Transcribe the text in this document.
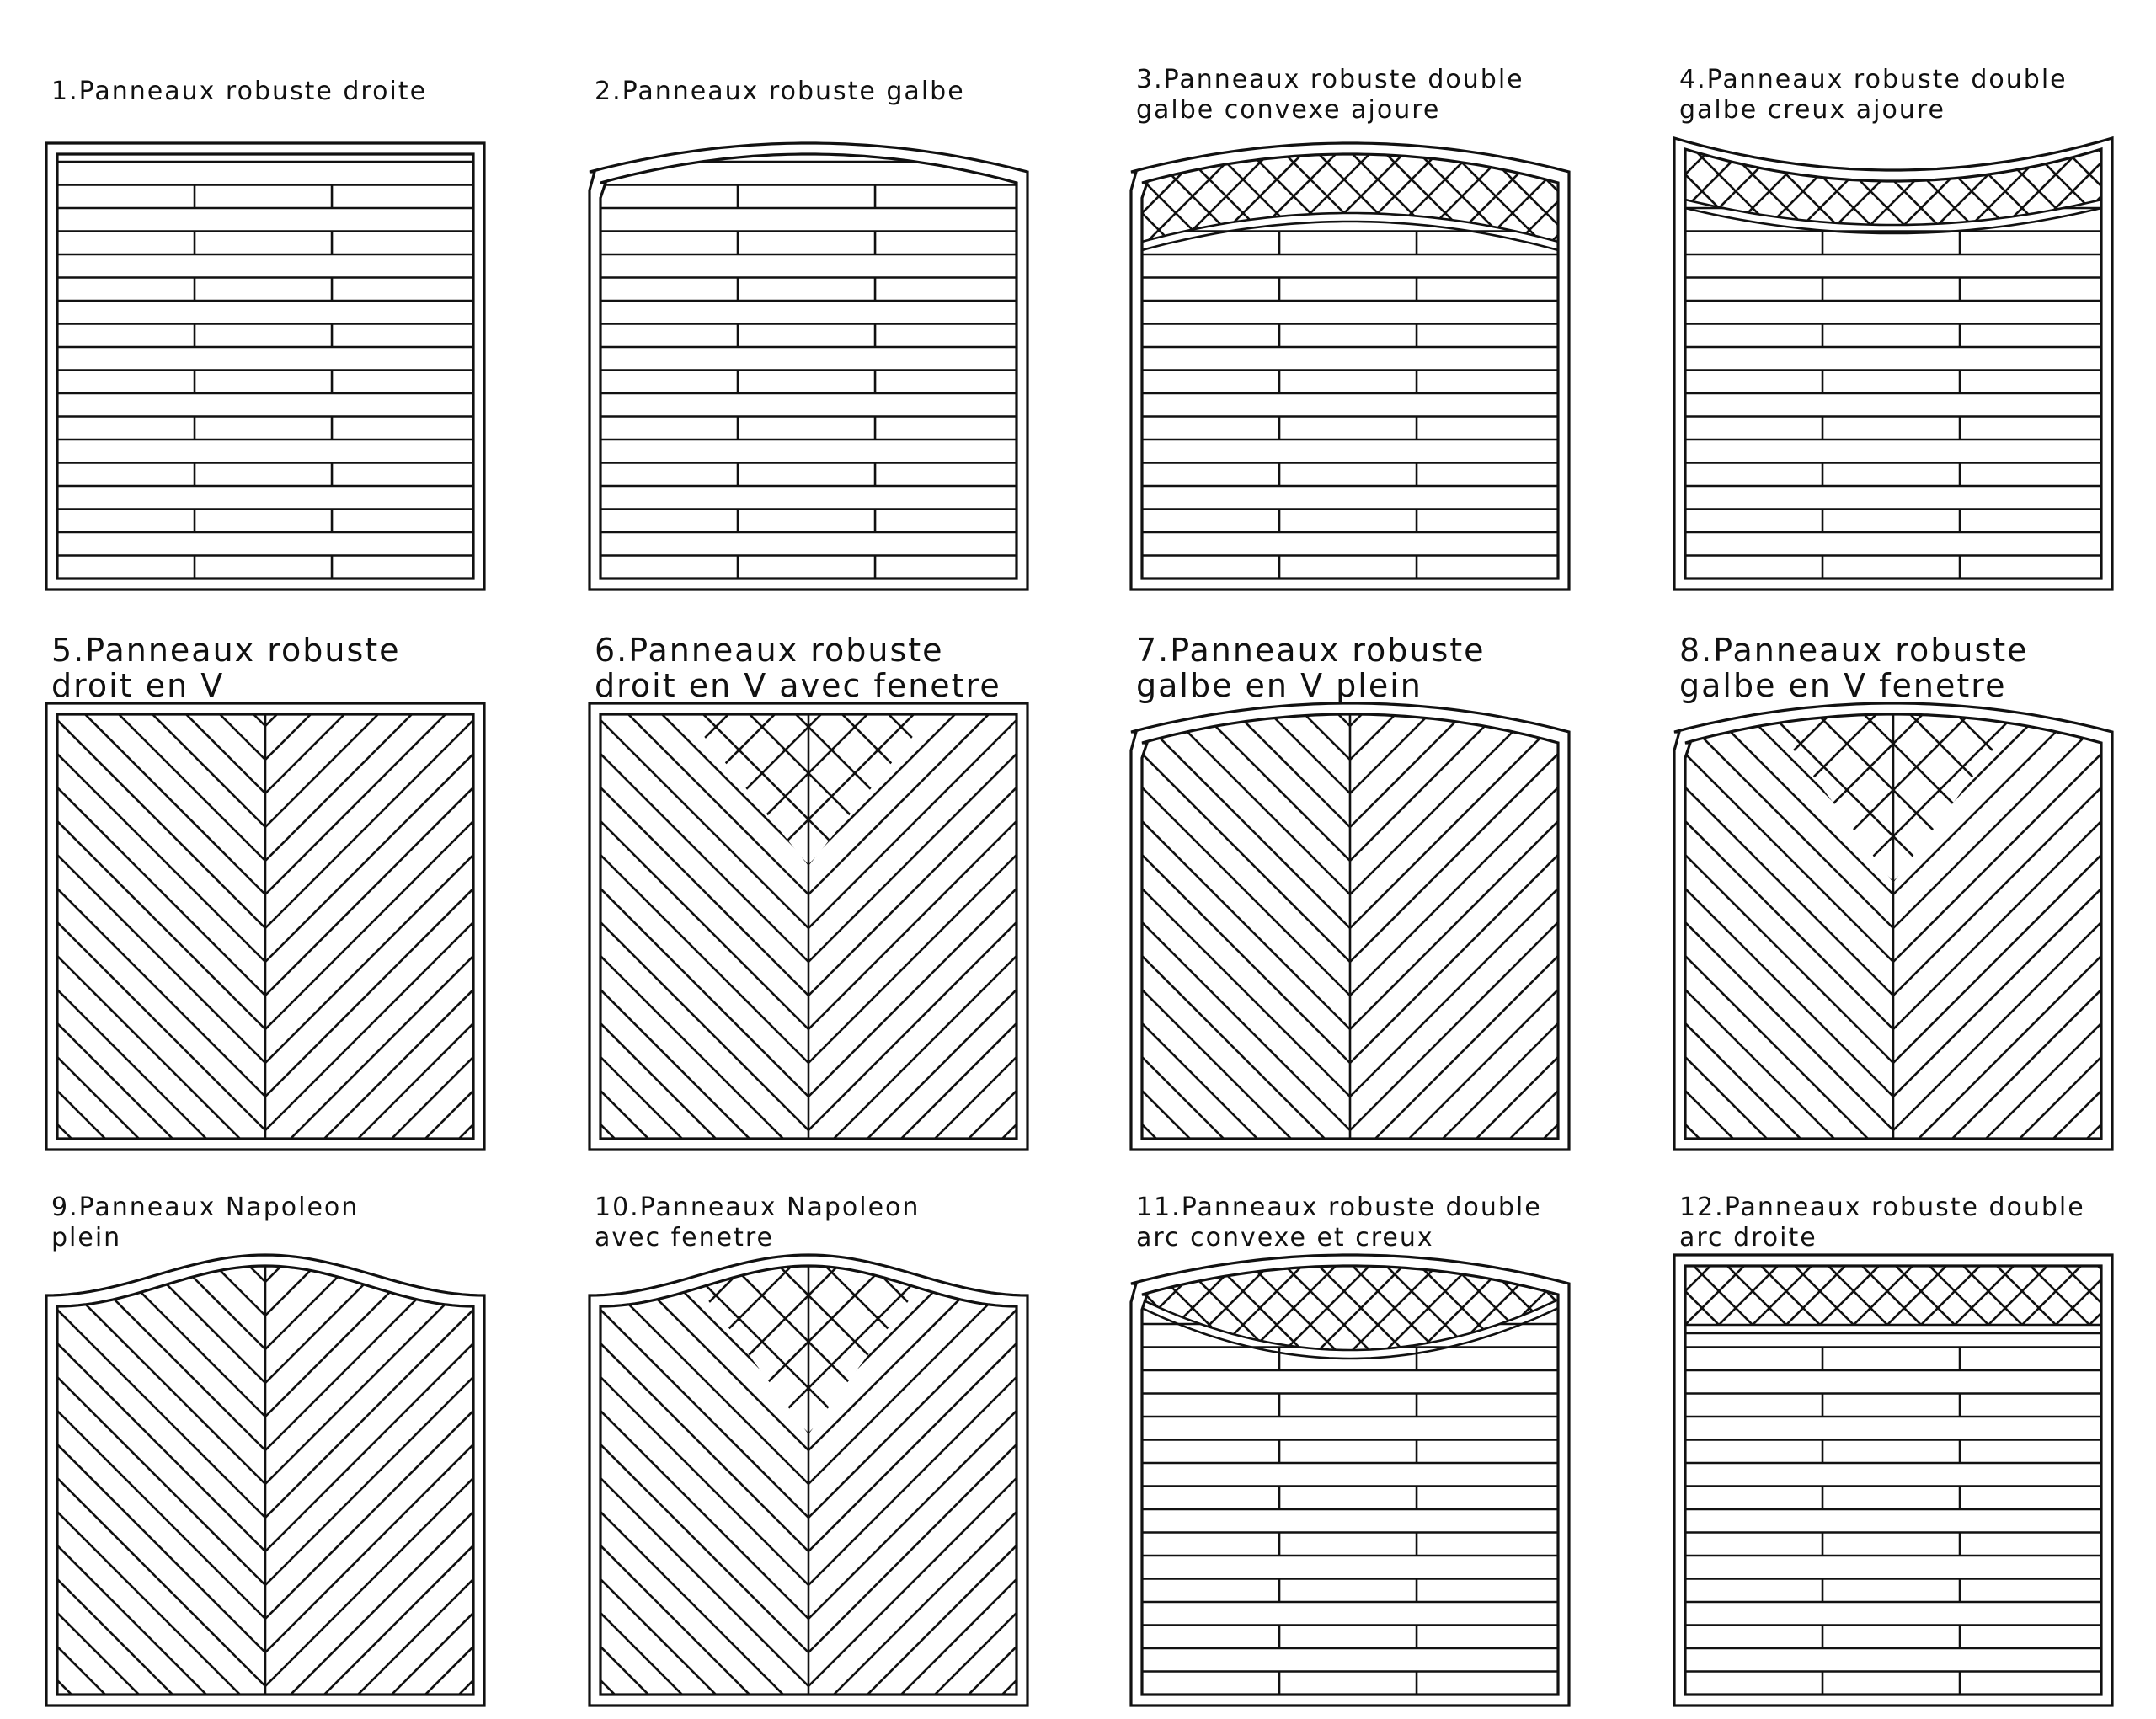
1.Panneaux robuste droite	2.Panneaux robuste galbe	3.Panneaux robuste double
galbe convexe ajoure
4.Panneaux robuste double
galbe creux ajoure
5.Panneaux robuste
droit en V
6.Panneaux robuste
droit en V avec fenetre
7.Panneaux robuste
galbe en V plein
8.Panneaux robuste
galbe en V fenetre
9.Panneaux Napoleon
plein
10.Panneaux Napoleon
avec fenetre
11.Panneaux robuste double
arc convexe et creux
12.Panneaux robuste double
arc droite
